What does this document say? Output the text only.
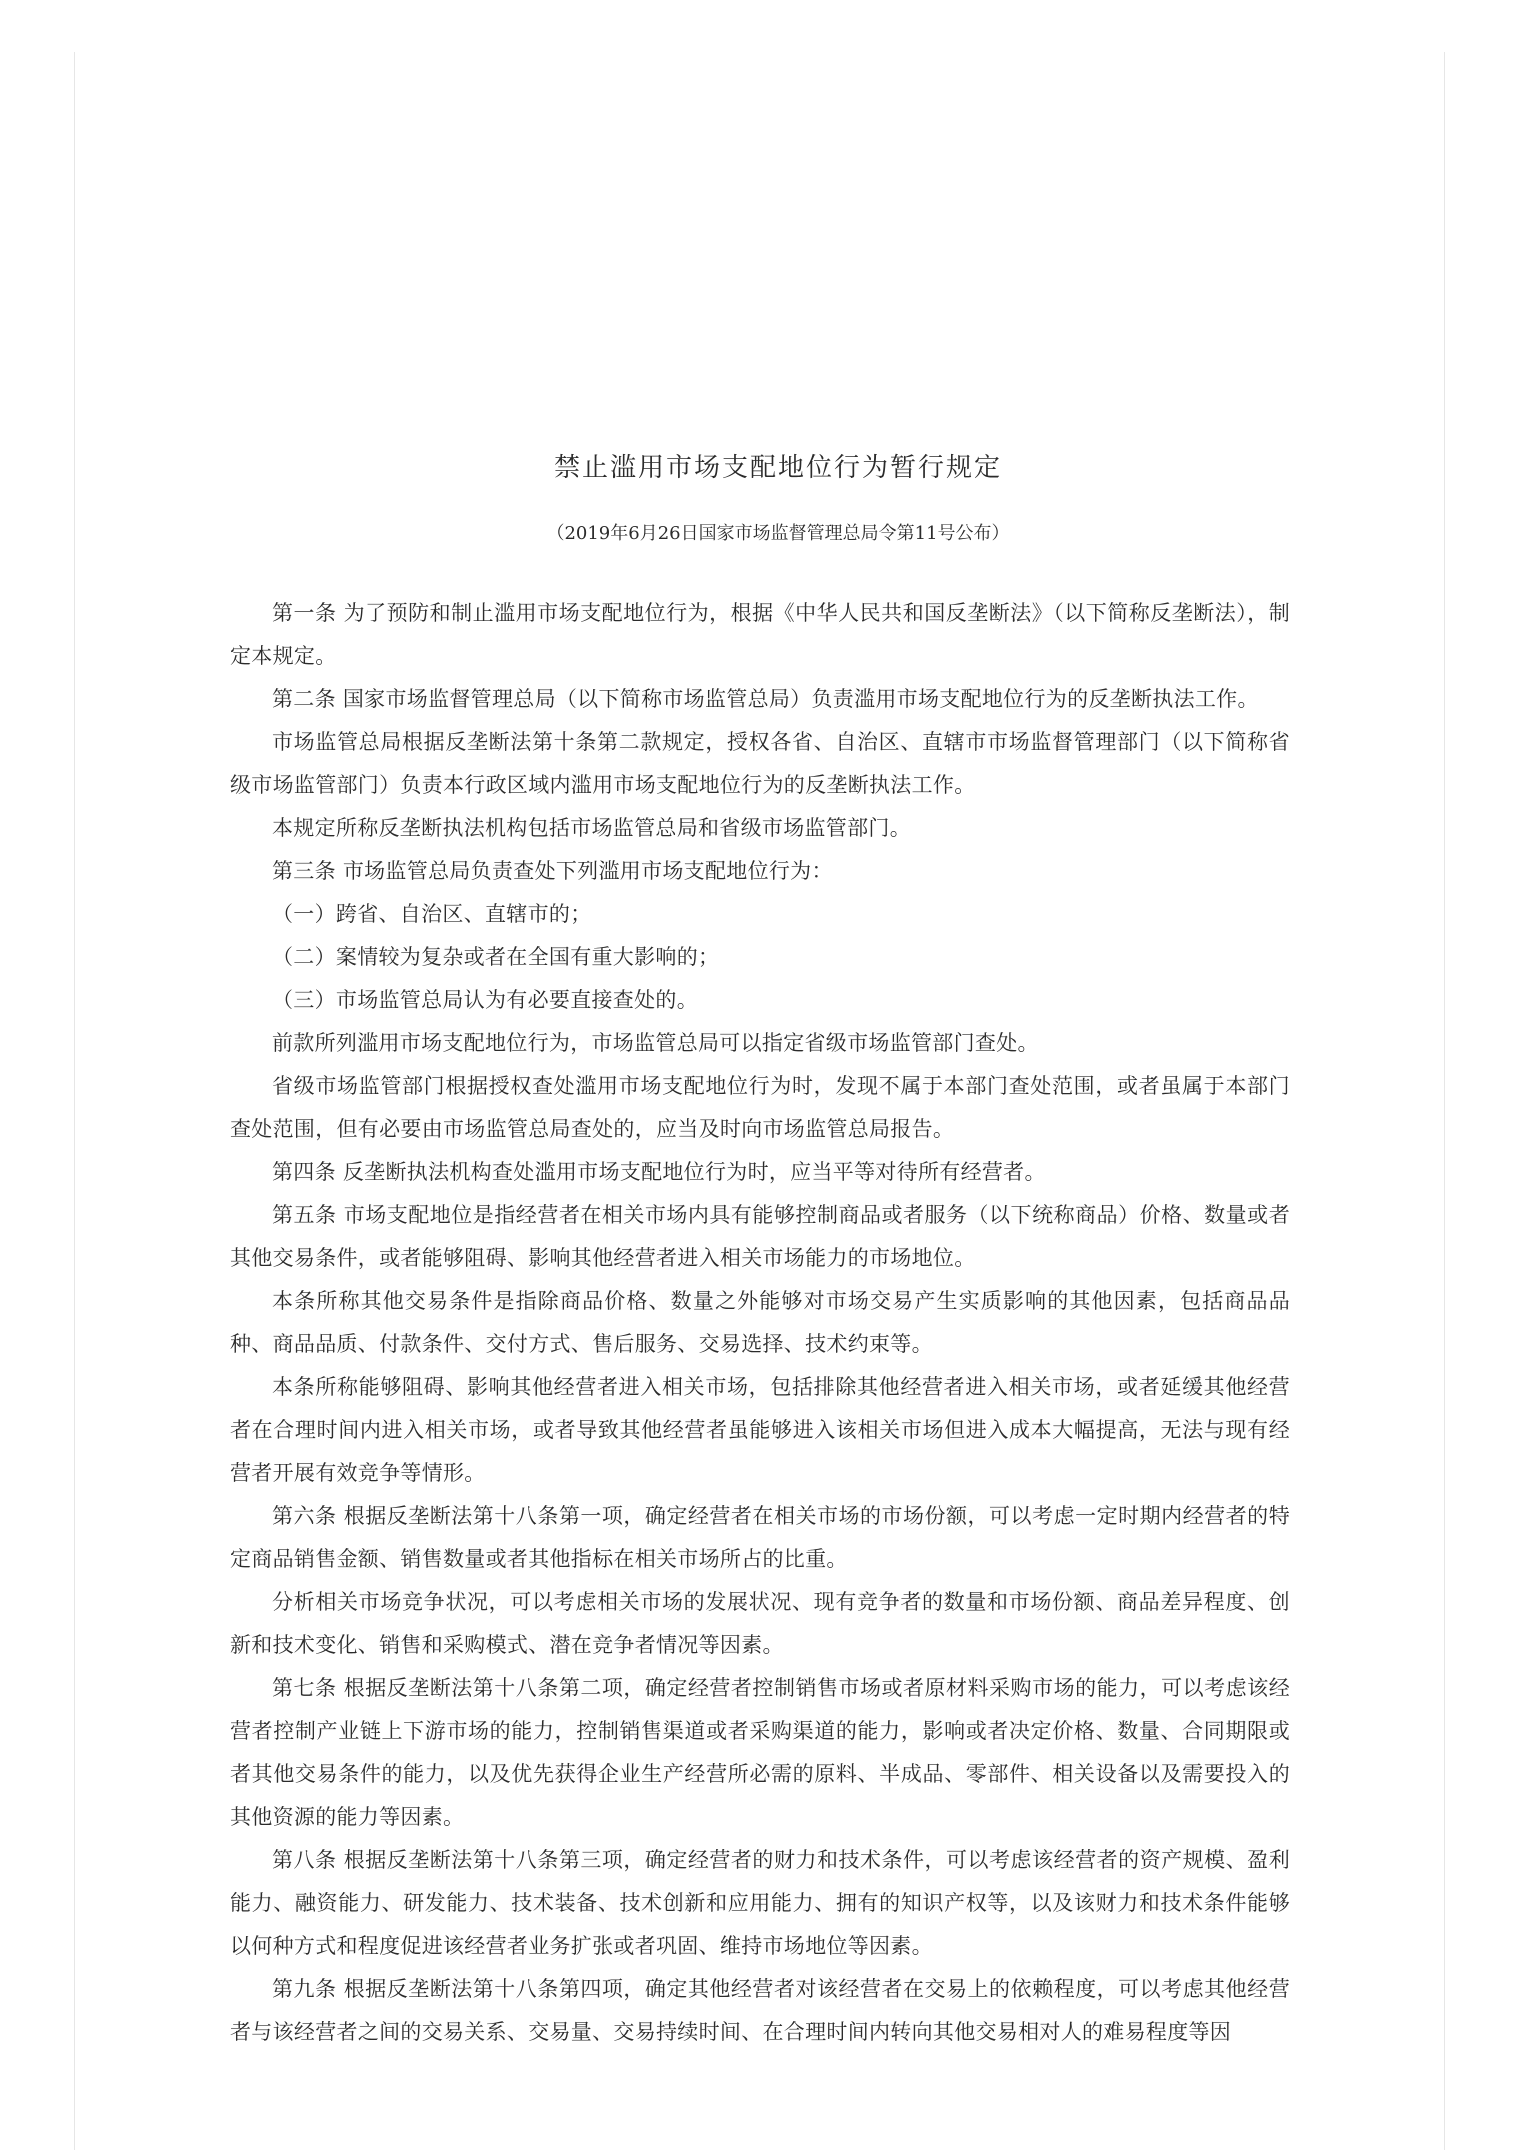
禁止滥用市场支配地位行为暂行规定
（2019年6月26日国家市场监督管理总局令第11号公布）

第一条 为了预防和制止滥用市场支配地位行为，根据《中华人民共和国反垄断法》（以下简称反垄断法），制定本规定。

第二条 国家市场监督管理总局（以下简称市场监管总局）负责滥用市场支配地位行为的反垄断执法工作。

市场监管总局根据反垄断法第十条第二款规定，授权各省、自治区、直辖市市场监督管理部门（以下简称省级市场监管部门）负责本行政区域内滥用市场支配地位行为的反垄断执法工作。

本规定所称反垄断执法机构包括市场监管总局和省级市场监管部门。

第三条 市场监管总局负责查处下列滥用市场支配地位行为：

（一）跨省、自治区、直辖市的；

（二）案情较为复杂或者在全国有重大影响的；

（三）市场监管总局认为有必要直接查处的。

前款所列滥用市场支配地位行为，市场监管总局可以指定省级市场监管部门查处。

省级市场监管部门根据授权查处滥用市场支配地位行为时，发现不属于本部门查处范围，或者虽属于本部门查处范围，但有必要由市场监管总局查处的，应当及时向市场监管总局报告。

第四条 反垄断执法机构查处滥用市场支配地位行为时，应当平等对待所有经营者。

第五条 市场支配地位是指经营者在相关市场内具有能够控制商品或者服务（以下统称商品）价格、数量或者其他交易条件，或者能够阻碍、影响其他经营者进入相关市场能力的市场地位。

本条所称其他交易条件是指除商品价格、数量之外能够对市场交易产生实质影响的其他因素，包括商品品种、商品品质、付款条件、交付方式、售后服务、交易选择、技术约束等。

本条所称能够阻碍、影响其他经营者进入相关市场，包括排除其他经营者进入相关市场，或者延缓其他经营者在合理时间内进入相关市场，或者导致其他经营者虽能够进入该相关市场但进入成本大幅提高，无法与现有经营者开展有效竞争等情形。

第六条 根据反垄断法第十八条第一项，确定经营者在相关市场的市场份额，可以考虑一定时期内经营者的特定商品销售金额、销售数量或者其他指标在相关市场所占的比重。

分析相关市场竞争状况，可以考虑相关市场的发展状况、现有竞争者的数量和市场份额、商品差异程度、创新和技术变化、销售和采购模式、潜在竞争者情况等因素。

第七条 根据反垄断法第十八条第二项，确定经营者控制销售市场或者原材料采购市场的能力，可以考虑该经营者控制产业链上下游市场的能力，控制销售渠道或者采购渠道的能力，影响或者决定价格、数量、合同期限或者其他交易条件的能力，以及优先获得企业生产经营所必需的原料、半成品、零部件、相关设备以及需要投入的其他资源的能力等因素。

第八条 根据反垄断法第十八条第三项，确定经营者的财力和技术条件，可以考虑该经营者的资产规模、盈利能力、融资能力、研发能力、技术装备、技术创新和应用能力、拥有的知识产权等，以及该财力和技术条件能够以何种方式和程度促进该经营者业务扩张或者巩固、维持市场地位等因素。

第九条 根据反垄断法第十八条第四项，确定其他经营者对该经营者在交易上的依赖程度，可以考虑其他经营者与该经营者之间的交易关系、交易量、交易持续时间、在合理时间内转向其他交易相对人的难易程度等因
